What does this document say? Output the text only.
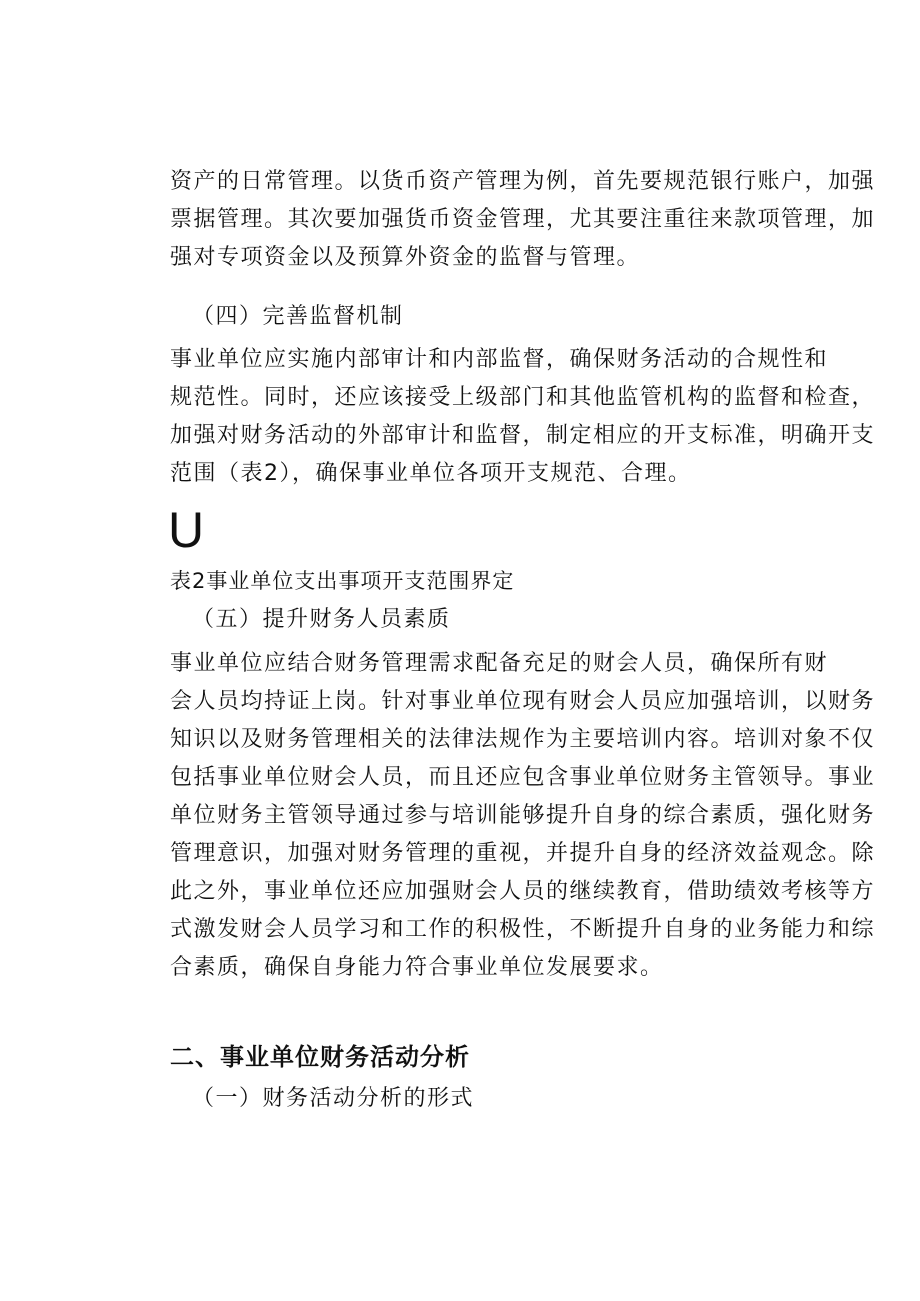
资产的日常管理。以货币资产管理为例，首先要规范银行账户，加强
票据管理。其次要加强货币资金管理，尤其要注重往来款项管理，加
强对专项资金以及预算外资金的监督与管理。
（四）完善监督机制
事业单位应实施内部审计和内部监督，确保财务活动的合规性和
规范性。同时，还应该接受上级部门和其他监管机构的监督和检查，
加强对财务活动的外部审计和监督，制定相应的开支标准，明确开支
范围（表2），确保事业单位各项开支规范、合理。
U
表2事业单位支出事项开支范围界定
（五）提升财务人员素质
事业单位应结合财务管理需求配备充足的财会人员，确保所有财
会人员均持证上岗。针对事业单位现有财会人员应加强培训，以财务
知识以及财务管理相关的法律法规作为主要培训内容。培训对象不仅
包括事业单位财会人员，而且还应包含事业单位财务主管领导。事业
单位财务主管领导通过参与培训能够提升自身的综合素质，强化财务
管理意识，加强对财务管理的重视，并提升自身的经济效益观念。除
此之外，事业单位还应加强财会人员的继续教育，借助绩效考核等方
式激发财会人员学习和工作的积极性，不断提升自身的业务能力和综
合素质，确保自身能力符合事业单位发展要求。
二、事业单位财务活动分析
（一）财务活动分析的形式
